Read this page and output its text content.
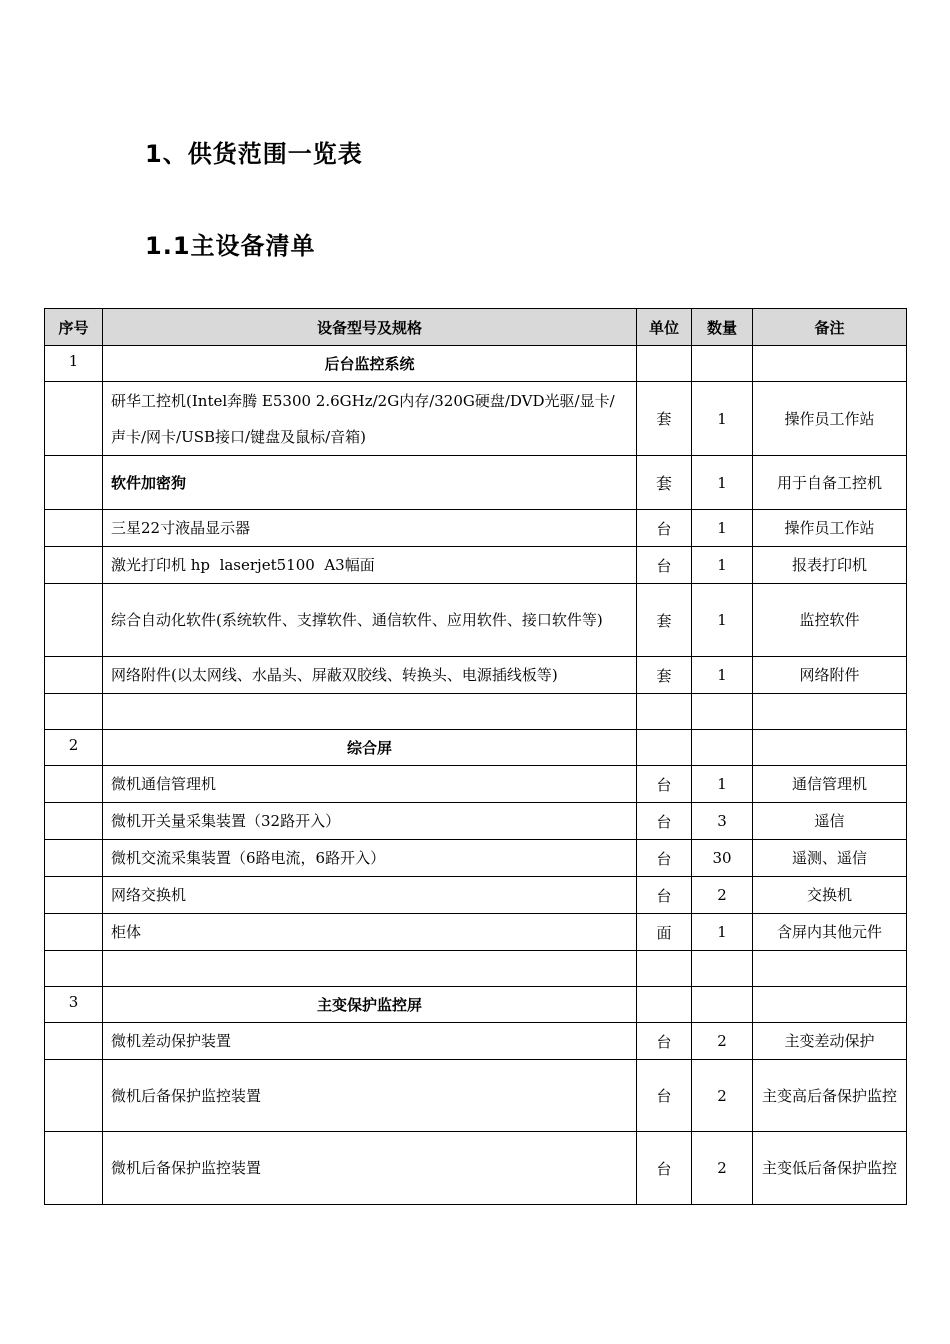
1、供货范围一览表
1.1主设备清单
序号	设备型号及规格	单位	数量	备注
1	后台监控系统			
	研华工控机(Intel奔腾 E5300 2.6GHz/2G内存/320G硬盘/DVD光驱/显卡/声卡/网卡/USB接口/键盘及鼠标/音箱)	套	1	操作员工作站
	软件加密狗	套	1	用于自备工控机
	三星22寸液晶显示器	台	1	操作员工作站
	激光打印机 hp  laserjet5100  A3幅面	台	1	报表打印机
	综合自动化软件(系统软件、支撑软件、通信软件、应用软件、接口软件等)	套	1	监控软件
	网络附件(以太网线、水晶头、屏蔽双胶线、转换头、电源插线板等)	套	1	网络附件

2	综合屏			
	微机通信管理机	台	1	通信管理机
	微机开关量采集装置（32路开入）	台	3	遥信
	微机交流采集装置（6路电流，6路开入）	台	30	遥测、遥信
	网络交换机	台	2	交换机
	柜体	面	1	含屏内其他元件

3	主变保护监控屏			
	微机差动保护装置	台	2	主变差动保护
	微机后备保护监控装置	台	2	主变高后备保护监控
	微机后备保护监控装置	台	2	主变低后备保护监控
